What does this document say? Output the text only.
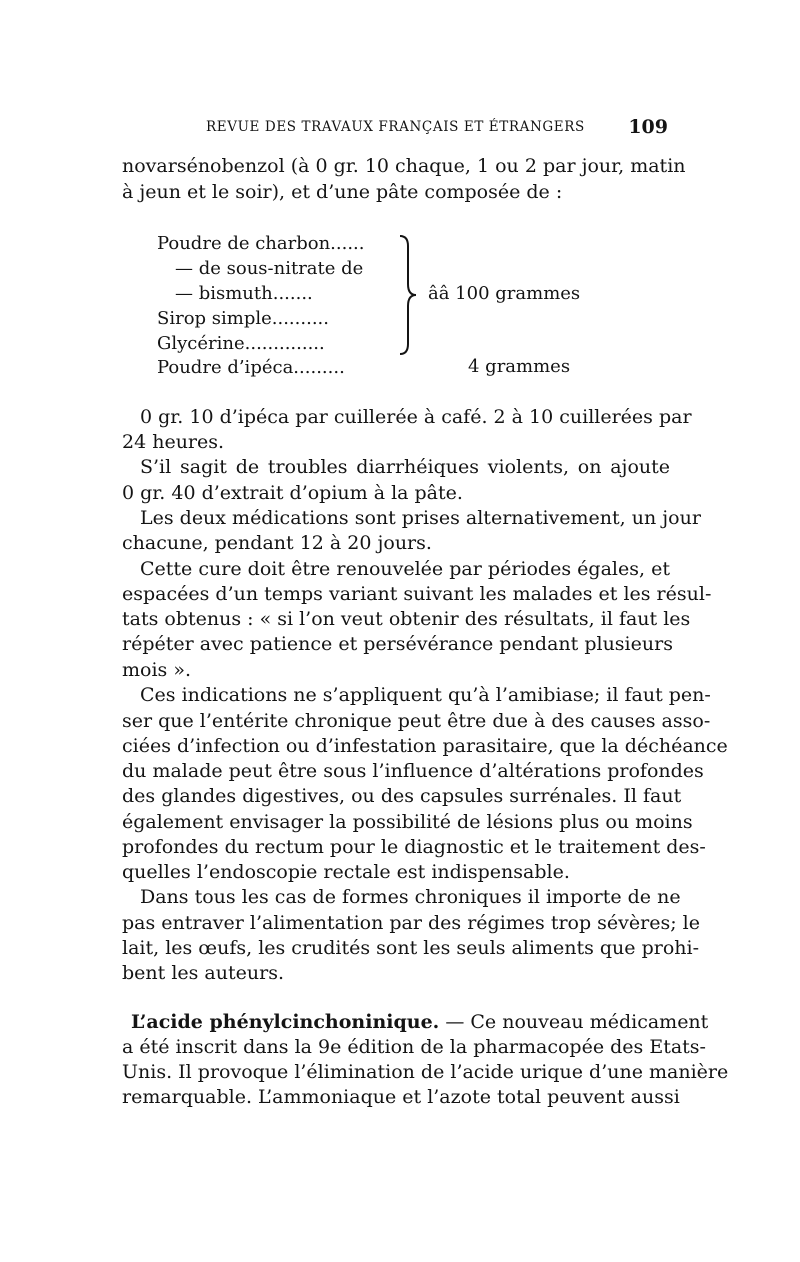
REVUE DES TRAVAUX FRANÇAIS ET ÉTRANGERS 109
novarsénobenzol (à 0 gr. 10 chaque, 1 ou 2 par jour, matin
à jeun et le soir), et d’une pâte composée de :
Poudre de charbon......
— de sous-nitrate de
— bismuth.......
Sirop simple..........
Glycérine..............
Poudre d’ipéca.........
ââ 100 grammes
4 grammes
0 gr. 10 d’ipéca par cuillerée à café. 2 à 10 cuillerées par
24 heures.
S’il sagit de troubles diarrhéiques violents, on ajoute
0 gr. 40 d’extrait d’opium à la pâte.
Les deux médications sont prises alternativement, un jour
chacune, pendant 12 à 20 jours.
Cette cure doit être renouvelée par périodes égales, et
espacées d’un temps variant suivant les malades et les résul-
tats obtenus : « si l’on veut obtenir des résultats, il faut les
répéter avec patience et persévérance pendant plusieurs
mois ».
Ces indications ne s’appliquent qu’à l’amibiase; il faut pen-
ser que l’entérite chronique peut être due à des causes asso-
ciées d’infection ou d’infestation parasitaire, que la déchéance
du malade peut être sous l’influence d’altérations profondes
des glandes digestives, ou des capsules surrénales. Il faut
également envisager la possibilité de lésions plus ou moins
profondes du rectum pour le diagnostic et le traitement des-
quelles l’endoscopie rectale est indispensable.
Dans tous les cas de formes chroniques il importe de ne
pas entraver l’alimentation par des régimes trop sévères; le
lait, les œufs, les crudités sont les seuls aliments que prohi-
bent les auteurs.
L’acide phénylcinchoninique. — Ce nouveau médicament
a été inscrit dans la 9e édition de la pharmacopée des Etats-
Unis. Il provoque l’élimination de l’acide urique d’une manière
remarquable. L’ammoniaque et l’azote total peuvent aussi
